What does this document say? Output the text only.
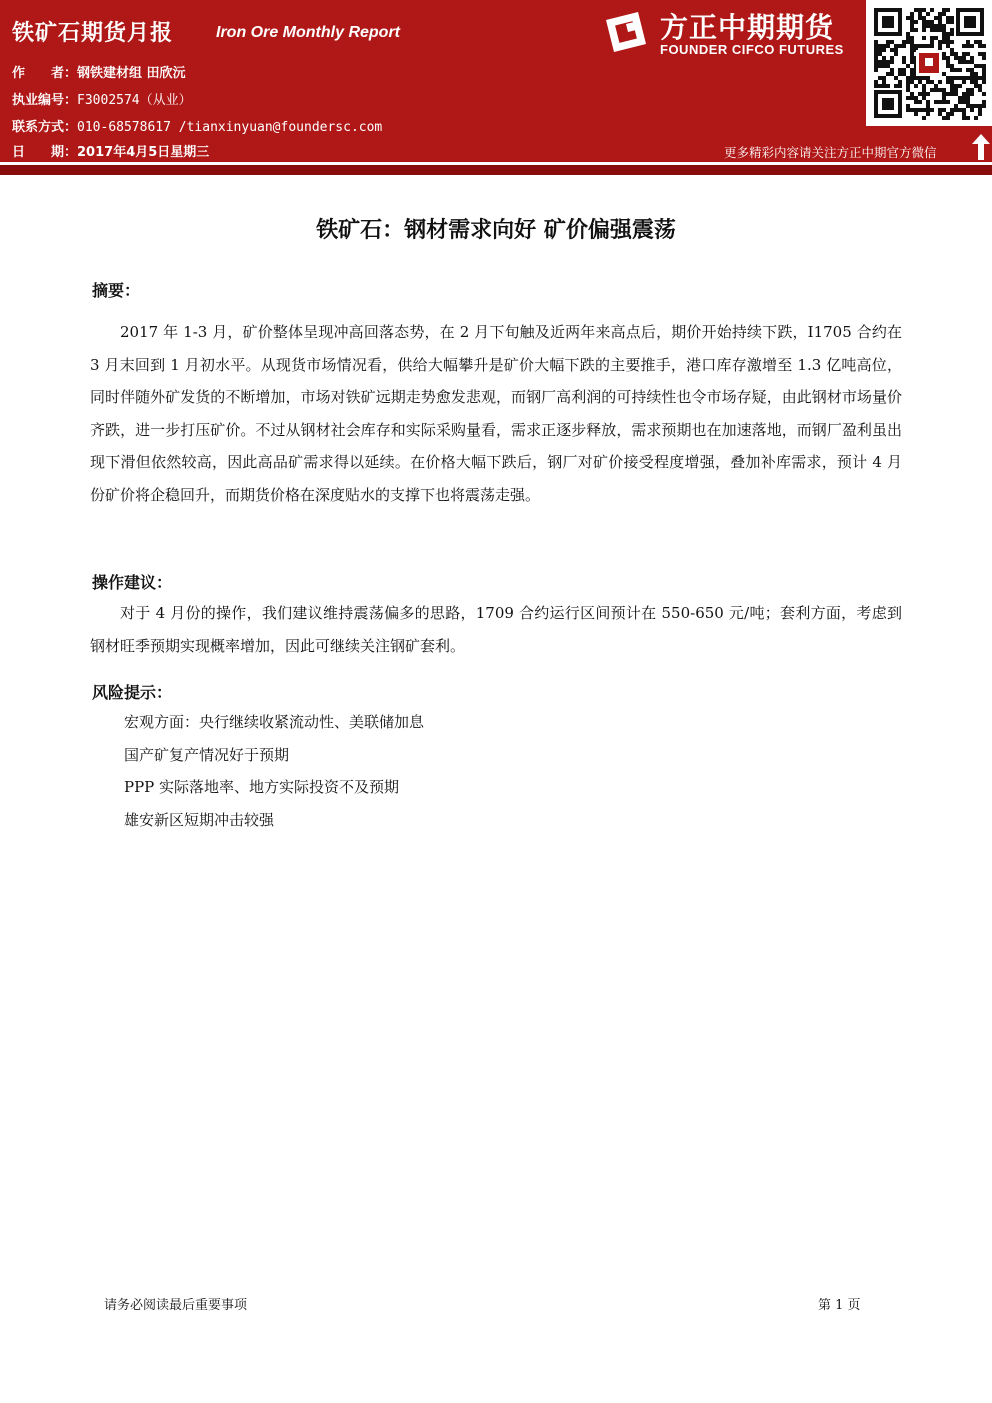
铁矿石期货月报	Iron Ore Monthly Report
作　　者：钢铁建材组 田欣沅
执业编号：F3002574（从业）
联系方式：010-68578617 /tianxinyuan@foundersc.com
日　　期：2017年4月5日星期三
方正中期期货
FOUNDER CIFCO FUTURES
更多精彩内容请关注方正中期官方微信
铁矿石：钢材需求向好 矿价偏强震荡
摘要：

2017 年 1-3 月，矿价整体呈现冲高回落态势，在 2 月下旬触及近两年来高点后，期价开始持续下跌，I1705 合约在 3 月末回到 1 月初水平。从现货市场情况看，供给大幅攀升是矿价大幅下跌的主要推手，港口库存激增至 1.3 亿吨高位，同时伴随外矿发货的不断增加，市场对铁矿远期走势愈发悲观，而钢厂高利润的可持续性也令市场存疑，由此钢材市场量价齐跌，进一步打压矿价。不过从钢材社会库存和实际采购量看，需求正逐步释放，需求预期也在加速落地，而钢厂盈利虽出现下滑但依然较高，因此高品矿需求得以延续。在价格大幅下跌后，钢厂对矿价接受程度增强，叠加补库需求，预计 4 月份矿价将企稳回升，而期货价格在深度贴水的支撑下也将震荡走强。

操作建议：

对于 4 月份的操作，我们建议维持震荡偏多的思路，1709 合约运行区间预计在 550-650 元/吨；套利方面，考虑到钢材旺季预期实现概率增加，因此可继续关注钢矿套利。

风险提示：
宏观方面：央行继续收紧流动性、美联储加息
国产矿复产情况好于预期
PPP 实际落地率、地方实际投资不及预期
雄安新区短期冲击较强
请务必阅读最后重要事项	第 1 页
